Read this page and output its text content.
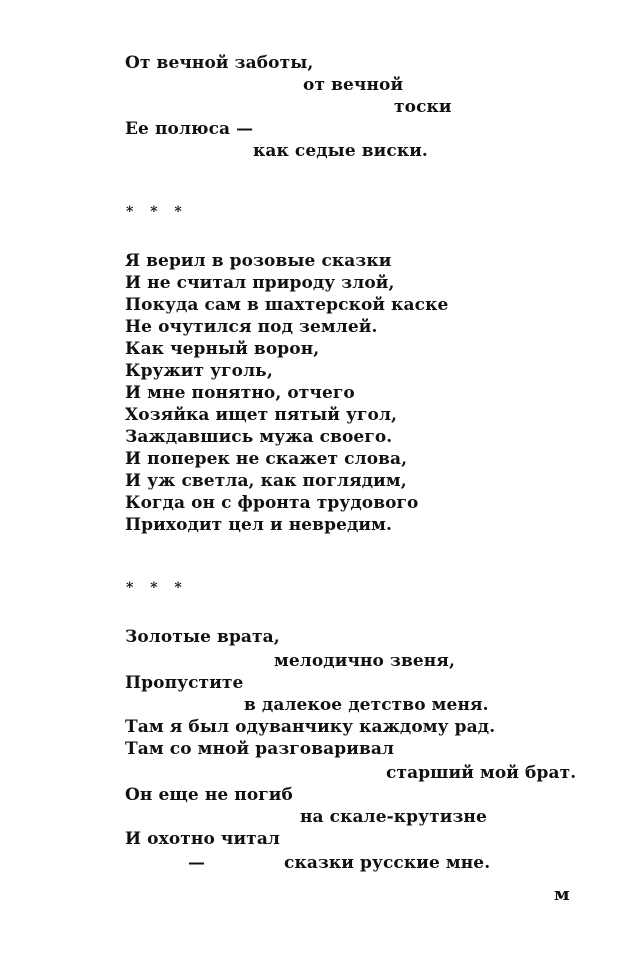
От вечной заботы,
от вечной
тоски
Ее полюса —
как седые виски.
* * *
Я верил в розовые сказки
И не считал природу злой,
Покуда сам в шахтерской каске
Не очутился под землей.
Как черный ворон,
Кружит уголь,
И мне понятно, отчего
Хозяйка ищет пятый угол,
Заждавшись мужа своего.
И поперек не скажет слова,
И уж светла, как поглядим,
Когда он с фронта трудового
Приходит цел и невредим.
* * *
Золотые врата,
мелодично звеня,
Пропустите
в далекое детство меня.
Там я был одуванчику каждому рад.
Там со мной разговаривал
старший мой брат.
Он еще не погиб
на скале-крутизне
И охотно читал
—	сказки русские мне.
м
